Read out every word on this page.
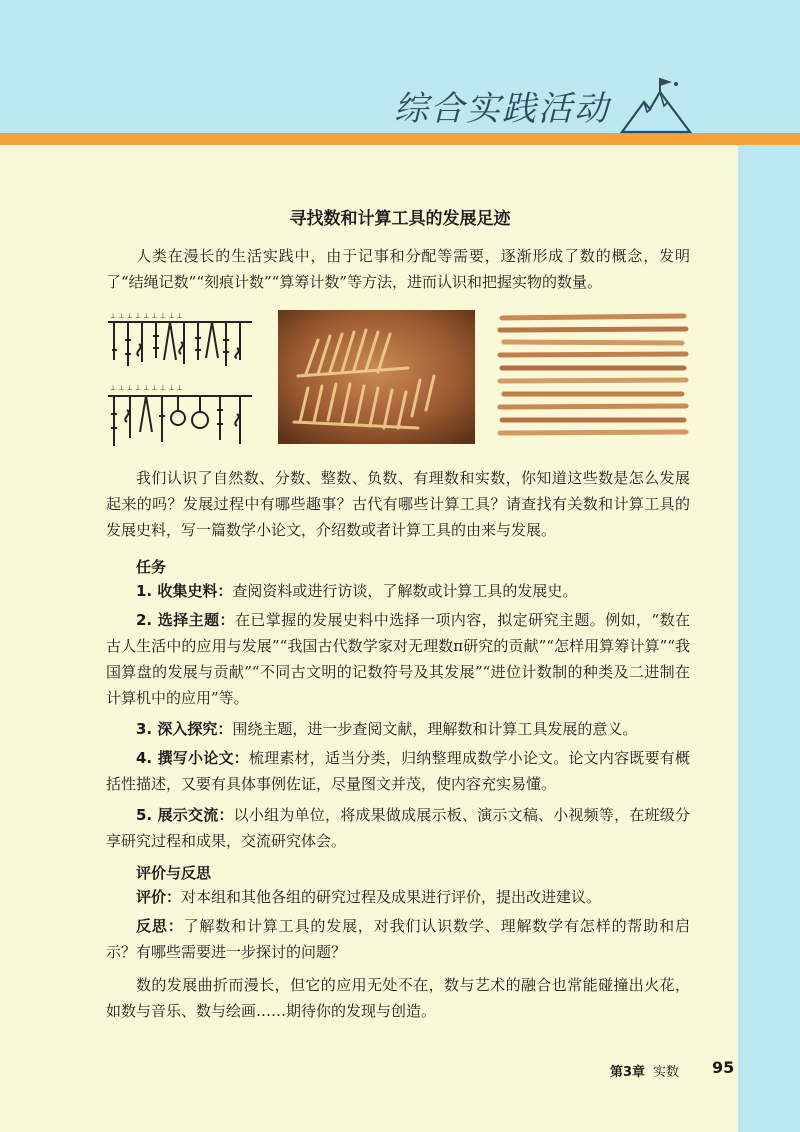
综合实践活动
寻找数和计算工具的发展足迹
人类在漫长的生活实践中，由于记事和分配等需要，逐渐形成了数的概念，发明了“结绳记数”“刻痕计数”“算筹计数”等方法，进而认识和把握实物的数量。
⊥ ⊥ ⊥ ⊥ ⊥ ⊥ ⊥ ⊥ ⊥
⊥ ⊥ ⊥ ⊥ ⊥ ⊥ ⊥ ⊥ ⊥
我们认识了自然数、分数、整数、负数、有理数和实数，你知道这些数是怎么发展起来的吗？发展过程中有哪些趣事？古代有哪些计算工具？请查找有关数和计算工具的发展史料，写一篇数学小论文，介绍数或者计算工具的由来与发展。
任务
1. 收集史料：查阅资料或进行访谈，了解数或计算工具的发展史。
2. 选择主题：在已掌握的发展史料中选择一项内容，拟定研究主题。例如，“数在古人生活中的应用与发展”“我国古代数学家对无理数π研究的贡献”“怎样用算筹计算”“我国算盘的发展与贡献”“不同古文明的记数符号及其发展”“进位计数制的种类及二进制在计算机中的应用”等。
3. 深入探究：围绕主题，进一步查阅文献，理解数和计算工具发展的意义。
4. 撰写小论文：梳理素材，适当分类，归纳整理成数学小论文。论文内容既要有概括性描述，又要有具体事例佐证，尽量图文并茂，使内容充实易懂。
5. 展示交流：以小组为单位，将成果做成展示板、演示文稿、小视频等，在班级分享研究过程和成果，交流研究体会。
评价与反思
评价：对本组和其他各组的研究过程及成果进行评价，提出改进建议。
反思：了解数和计算工具的发展，对我们认识数学、理解数学有怎样的帮助和启示？有哪些需要进一步探讨的问题？
数的发展曲折而漫长，但它的应用无处不在，数与艺术的融合也常能碰撞出火花，如数与音乐、数与绘画……期待你的发现与创造。
第3章 实数 95
